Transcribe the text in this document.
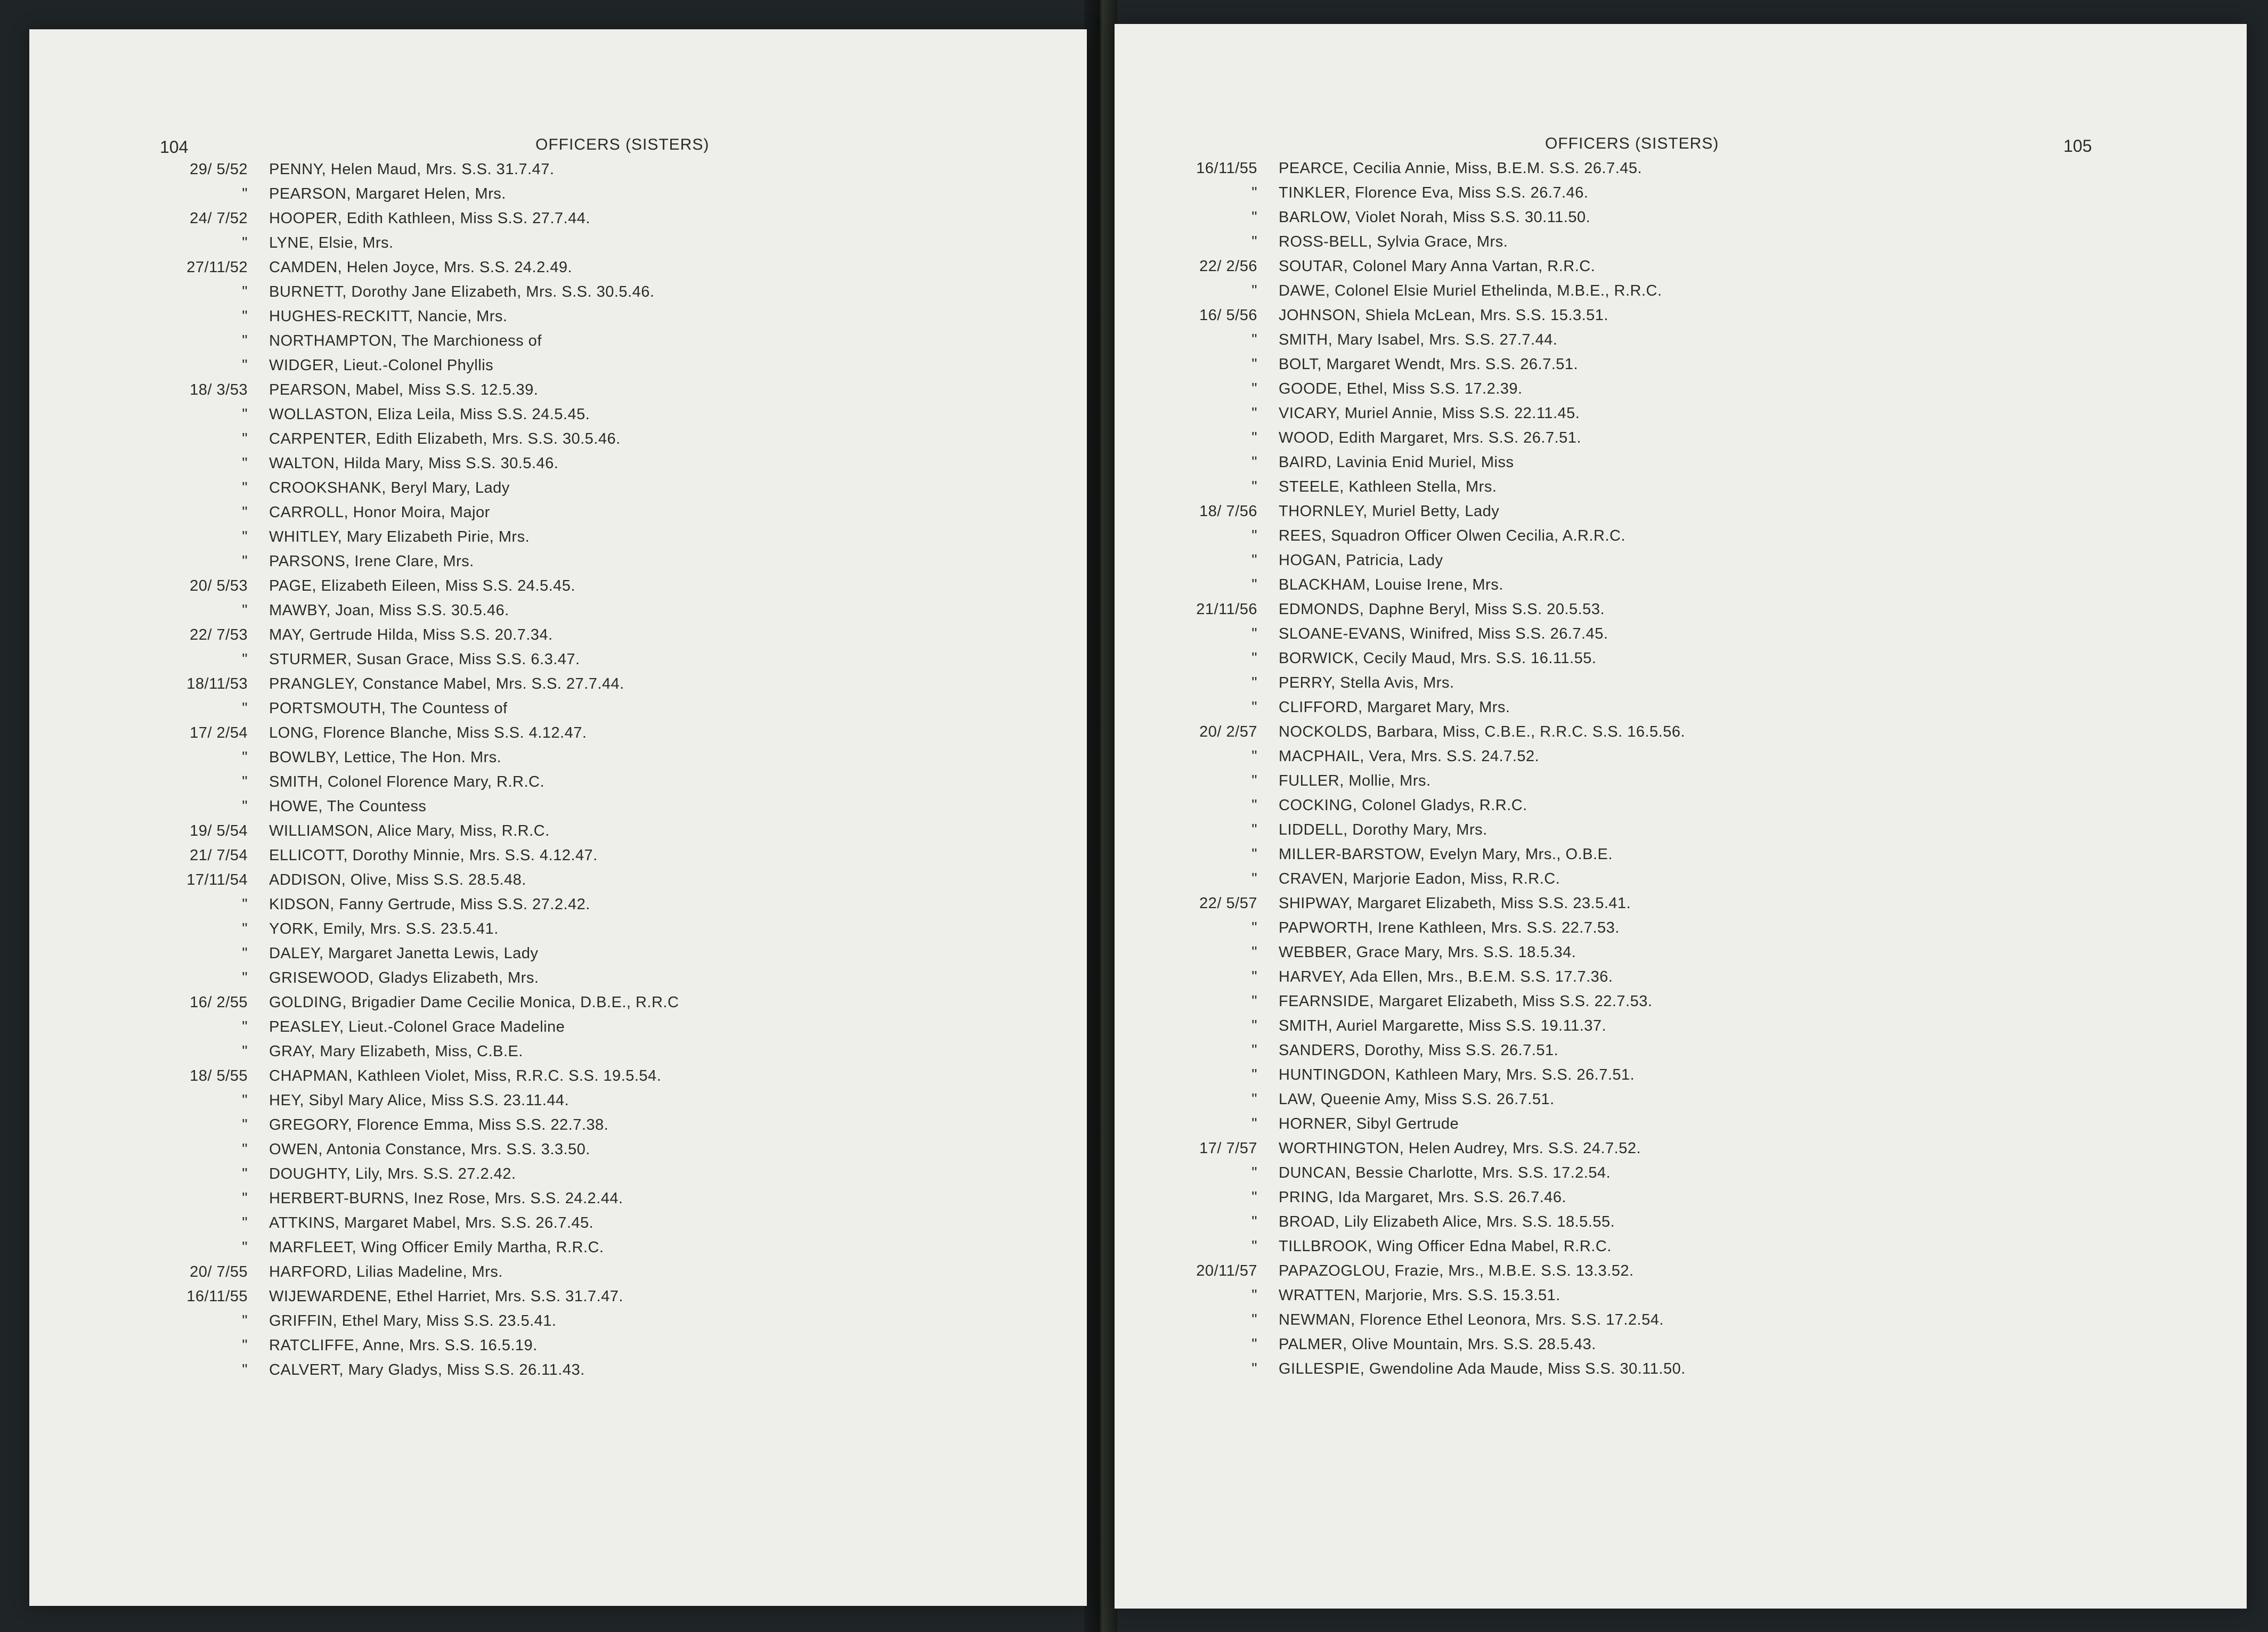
104	OFFICERS (SISTERS)	OFFICERS (SISTERS)	105
29/ 5/52 PENNY, Helen Maud, Mrs. S.S. 31.7.47.
" PEARSON, Margaret Helen, Mrs.
24/ 7/52 HOOPER, Edith Kathleen, Miss S.S. 27.7.44.
" LYNE, Elsie, Mrs.
27/11/52 CAMDEN, Helen Joyce, Mrs. S.S. 24.2.49.
" BURNETT, Dorothy Jane Elizabeth, Mrs. S.S. 30.5.46.
" HUGHES-RECKITT, Nancie, Mrs.
" NORTHAMPTON, The Marchioness of
" WIDGER, Lieut.-Colonel Phyllis
18/ 3/53 PEARSON, Mabel, Miss S.S. 12.5.39.
" WOLLASTON, Eliza Leila, Miss S.S. 24.5.45.
" CARPENTER, Edith Elizabeth, Mrs. S.S. 30.5.46.
" WALTON, Hilda Mary, Miss S.S. 30.5.46.
" CROOKSHANK, Beryl Mary, Lady
" CARROLL, Honor Moira, Major
" WHITLEY, Mary Elizabeth Pirie, Mrs.
" PARSONS, Irene Clare, Mrs.
20/ 5/53 PAGE, Elizabeth Eileen, Miss S.S. 24.5.45.
" MAWBY, Joan, Miss S.S. 30.5.46.
22/ 7/53 MAY, Gertrude Hilda, Miss S.S. 20.7.34.
" STURMER, Susan Grace, Miss S.S. 6.3.47.
18/11/53 PRANGLEY, Constance Mabel, Mrs. S.S. 27.7.44.
" PORTSMOUTH, The Countess of
17/ 2/54 LONG, Florence Blanche, Miss S.S. 4.12.47.
" BOWLBY, Lettice, The Hon. Mrs.
" SMITH, Colonel Florence Mary, R.R.C.
" HOWE, The Countess
19/ 5/54 WILLIAMSON, Alice Mary, Miss, R.R.C.
21/ 7/54 ELLICOTT, Dorothy Minnie, Mrs. S.S. 4.12.47.
17/11/54 ADDISON, Olive, Miss S.S. 28.5.48.
" KIDSON, Fanny Gertrude, Miss S.S. 27.2.42.
" YORK, Emily, Mrs. S.S. 23.5.41.
" DALEY, Margaret Janetta Lewis, Lady
" GRISEWOOD, Gladys Elizabeth, Mrs.
16/ 2/55 GOLDING, Brigadier Dame Cecilie Monica, D.B.E., R.R.C
" PEASLEY, Lieut.-Colonel Grace Madeline
" GRAY, Mary Elizabeth, Miss, C.B.E.
18/ 5/55 CHAPMAN, Kathleen Violet, Miss, R.R.C. S.S. 19.5.54.
" HEY, Sibyl Mary Alice, Miss S.S. 23.11.44.
" GREGORY, Florence Emma, Miss S.S. 22.7.38.
" OWEN, Antonia Constance, Mrs. S.S. 3.3.50.
" DOUGHTY, Lily, Mrs. S.S. 27.2.42.
" HERBERT-BURNS, Inez Rose, Mrs. S.S. 24.2.44.
" ATTKINS, Margaret Mabel, Mrs. S.S. 26.7.45.
" MARFLEET, Wing Officer Emily Martha, R.R.C.
20/ 7/55 HARFORD, Lilias Madeline, Mrs.
16/11/55 WIJEWARDENE, Ethel Harriet, Mrs. S.S. 31.7.47.
" GRIFFIN, Ethel Mary, Miss S.S. 23.5.41.
" RATCLIFFE, Anne, Mrs. S.S. 16.5.19.
" CALVERT, Mary Gladys, Miss S.S. 26.11.43.
16/11/55 PEARCE, Cecilia Annie, Miss, B.E.M. S.S. 26.7.45.
" TINKLER, Florence Eva, Miss S.S. 26.7.46.
" BARLOW, Violet Norah, Miss S.S. 30.11.50.
" ROSS-BELL, Sylvia Grace, Mrs.
22/ 2/56 SOUTAR, Colonel Mary Anna Vartan, R.R.C.
" DAWE, Colonel Elsie Muriel Ethelinda, M.B.E., R.R.C.
16/ 5/56 JOHNSON, Shiela McLean, Mrs. S.S. 15.3.51.
" SMITH, Mary Isabel, Mrs. S.S. 27.7.44.
" BOLT, Margaret Wendt, Mrs. S.S. 26.7.51.
" GOODE, Ethel, Miss S.S. 17.2.39.
" VICARY, Muriel Annie, Miss S.S. 22.11.45.
" WOOD, Edith Margaret, Mrs. S.S. 26.7.51.
" BAIRD, Lavinia Enid Muriel, Miss
" STEELE, Kathleen Stella, Mrs.
18/ 7/56 THORNLEY, Muriel Betty, Lady
" REES, Squadron Officer Olwen Cecilia, A.R.R.C.
" HOGAN, Patricia, Lady
" BLACKHAM, Louise Irene, Mrs.
21/11/56 EDMONDS, Daphne Beryl, Miss S.S. 20.5.53.
" SLOANE-EVANS, Winifred, Miss S.S. 26.7.45.
" BORWICK, Cecily Maud, Mrs. S.S. 16.11.55.
" PERRY, Stella Avis, Mrs.
" CLIFFORD, Margaret Mary, Mrs.
20/ 2/57 NOCKOLDS, Barbara, Miss, C.B.E., R.R.C. S.S. 16.5.56.
" MACPHAIL, Vera, Mrs. S.S. 24.7.52.
" FULLER, Mollie, Mrs.
" COCKING, Colonel Gladys, R.R.C.
" LIDDELL, Dorothy Mary, Mrs.
" MILLER-BARSTOW, Evelyn Mary, Mrs., O.B.E.
" CRAVEN, Marjorie Eadon, Miss, R.R.C.
22/ 5/57 SHIPWAY, Margaret Elizabeth, Miss S.S. 23.5.41.
" PAPWORTH, Irene Kathleen, Mrs. S.S. 22.7.53.
" WEBBER, Grace Mary, Mrs. S.S. 18.5.34.
" HARVEY, Ada Ellen, Mrs., B.E.M. S.S. 17.7.36.
" FEARNSIDE, Margaret Elizabeth, Miss S.S. 22.7.53.
" SMITH, Auriel Margarette, Miss S.S. 19.11.37.
" SANDERS, Dorothy, Miss S.S. 26.7.51.
" HUNTINGDON, Kathleen Mary, Mrs. S.S. 26.7.51.
" LAW, Queenie Amy, Miss S.S. 26.7.51.
" HORNER, Sibyl Gertrude
17/ 7/57 WORTHINGTON, Helen Audrey, Mrs. S.S. 24.7.52.
" DUNCAN, Bessie Charlotte, Mrs. S.S. 17.2.54.
" PRING, Ida Margaret, Mrs. S.S. 26.7.46.
" BROAD, Lily Elizabeth Alice, Mrs. S.S. 18.5.55.
" TILLBROOK, Wing Officer Edna Mabel, R.R.C.
20/11/57 PAPAZOGLOU, Frazie, Mrs., M.B.E. S.S. 13.3.52.
" WRATTEN, Marjorie, Mrs. S.S. 15.3.51.
" NEWMAN, Florence Ethel Leonora, Mrs. S.S. 17.2.54.
" PALMER, Olive Mountain, Mrs. S.S. 28.5.43.
" GILLESPIE, Gwendoline Ada Maude, Miss S.S. 30.11.50.
